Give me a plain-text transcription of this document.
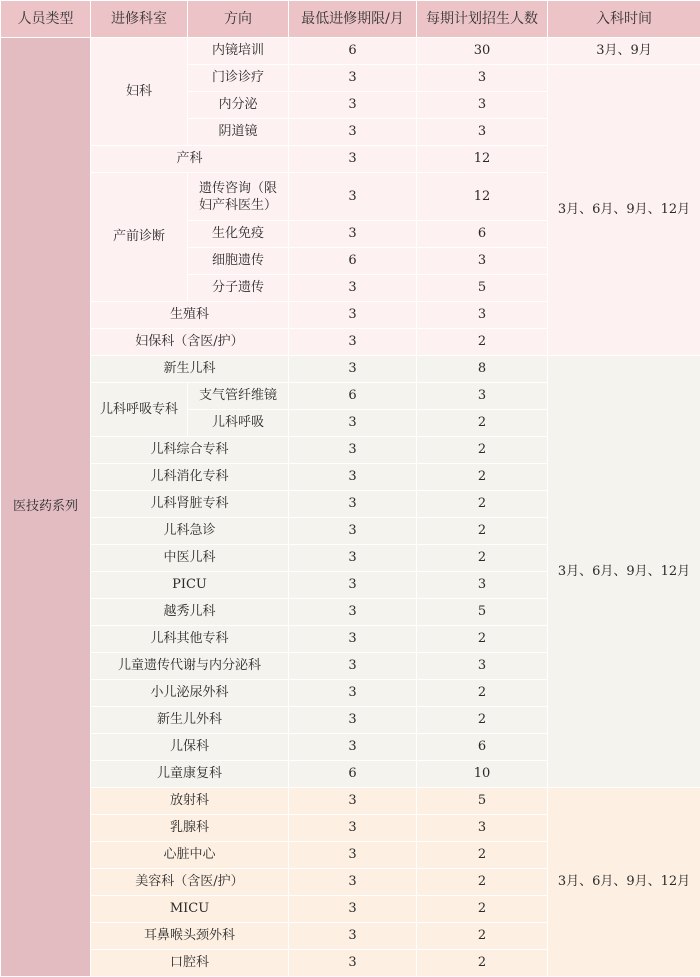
人员类型	进修科室	方向	最低进修期限/月	每期计划招生人数	入科时间
医技药系列	妇科	内镜培训	6	30	3月、9月
		门诊诊疗	3	3	3月、6月、9月、12月
		内分泌	3	3	
		阴道镜	3	3	
	产科		3	12	
	产前诊断	遗传咨询（限妇产科医生）	3	12	
		生化免疫	3	6	
		细胞遗传	6	3	
		分子遗传	3	5	
	生殖科		3	3	
	妇保科（含医/护）		3	2	
	新生儿科		3	8	3月、6月、9月、12月
	儿科呼吸专科	支气管纤维镜	6	3	
		儿科呼吸	3	2	
	儿科综合专科		3	2	
	儿科消化专科		3	2	
	儿科肾脏专科		3	2	
	儿科急诊		3	2	
	中医儿科		3	2	
	PICU		3	3	
	越秀儿科		3	5	
	儿科其他专科		3	2	
	儿童遗传代谢与内分泌科		3	3	
	小儿泌尿外科		3	2	
	新生儿外科		3	2	
	儿保科		3	6	
	儿童康复科		6	10	
	放射科		3	5	3月、6月、9月、12月
	乳腺科		3	3	
	心脏中心		3	2	
	美容科（含医/护）		3	2	
	MICU		3	2	
	耳鼻喉头颈外科		3	2	
	口腔科		3	2	
